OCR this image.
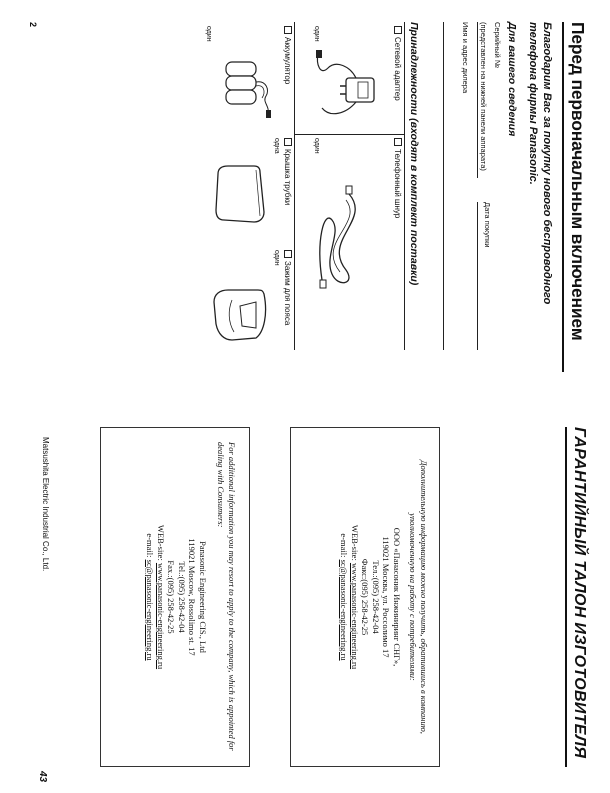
Перед первоначальным включением

Благодарим Вас за покупку нового беспроводного телефона фирмы Panasonic.

Для вашего сведения
Серийный №
(представлен на нижней панели аппарата)
Дата покупки
Имя и адрес дилера
Принадлежности (входят в комплект поставки)
Сетевой адаптер
один
Телефонный шнур
один
Аккумулятор
один
Крышка трубки
одна
Зажим для пояса
один
2
ГАРАНТИЙНЫЙ ТАЛОН ИЗГОТОВИТЕЛЯ

Дополнительную информацию можно получить, обратившись в компанию, уполномоченную на работу с потребителями:

ООО «Панасоник Инжиниринг СНГ»,

119021 Москва, ул. Россолимо 17

Тел.:(095) 258-42-04

Факс:(095) 258-42-25

WEB-site: www.panasonic-engineering.ru

e-mail: sc@panasonic-engineering.ru

For additional information you may resort to apply to the company, which is appointed for dealing with Consumers:

Panasonic Engineering CIS., Ltd

119021 Moscow, Rossolimo st. 17

Tel.:(095) 258-42-04

Fax.:(095) 258-42-25

WEB-site: www.panasonic-engineering.ru

e-mail: sc@panasonic-engineering.ru

Matsushita Electric Industrial Co., Ltd.
43
